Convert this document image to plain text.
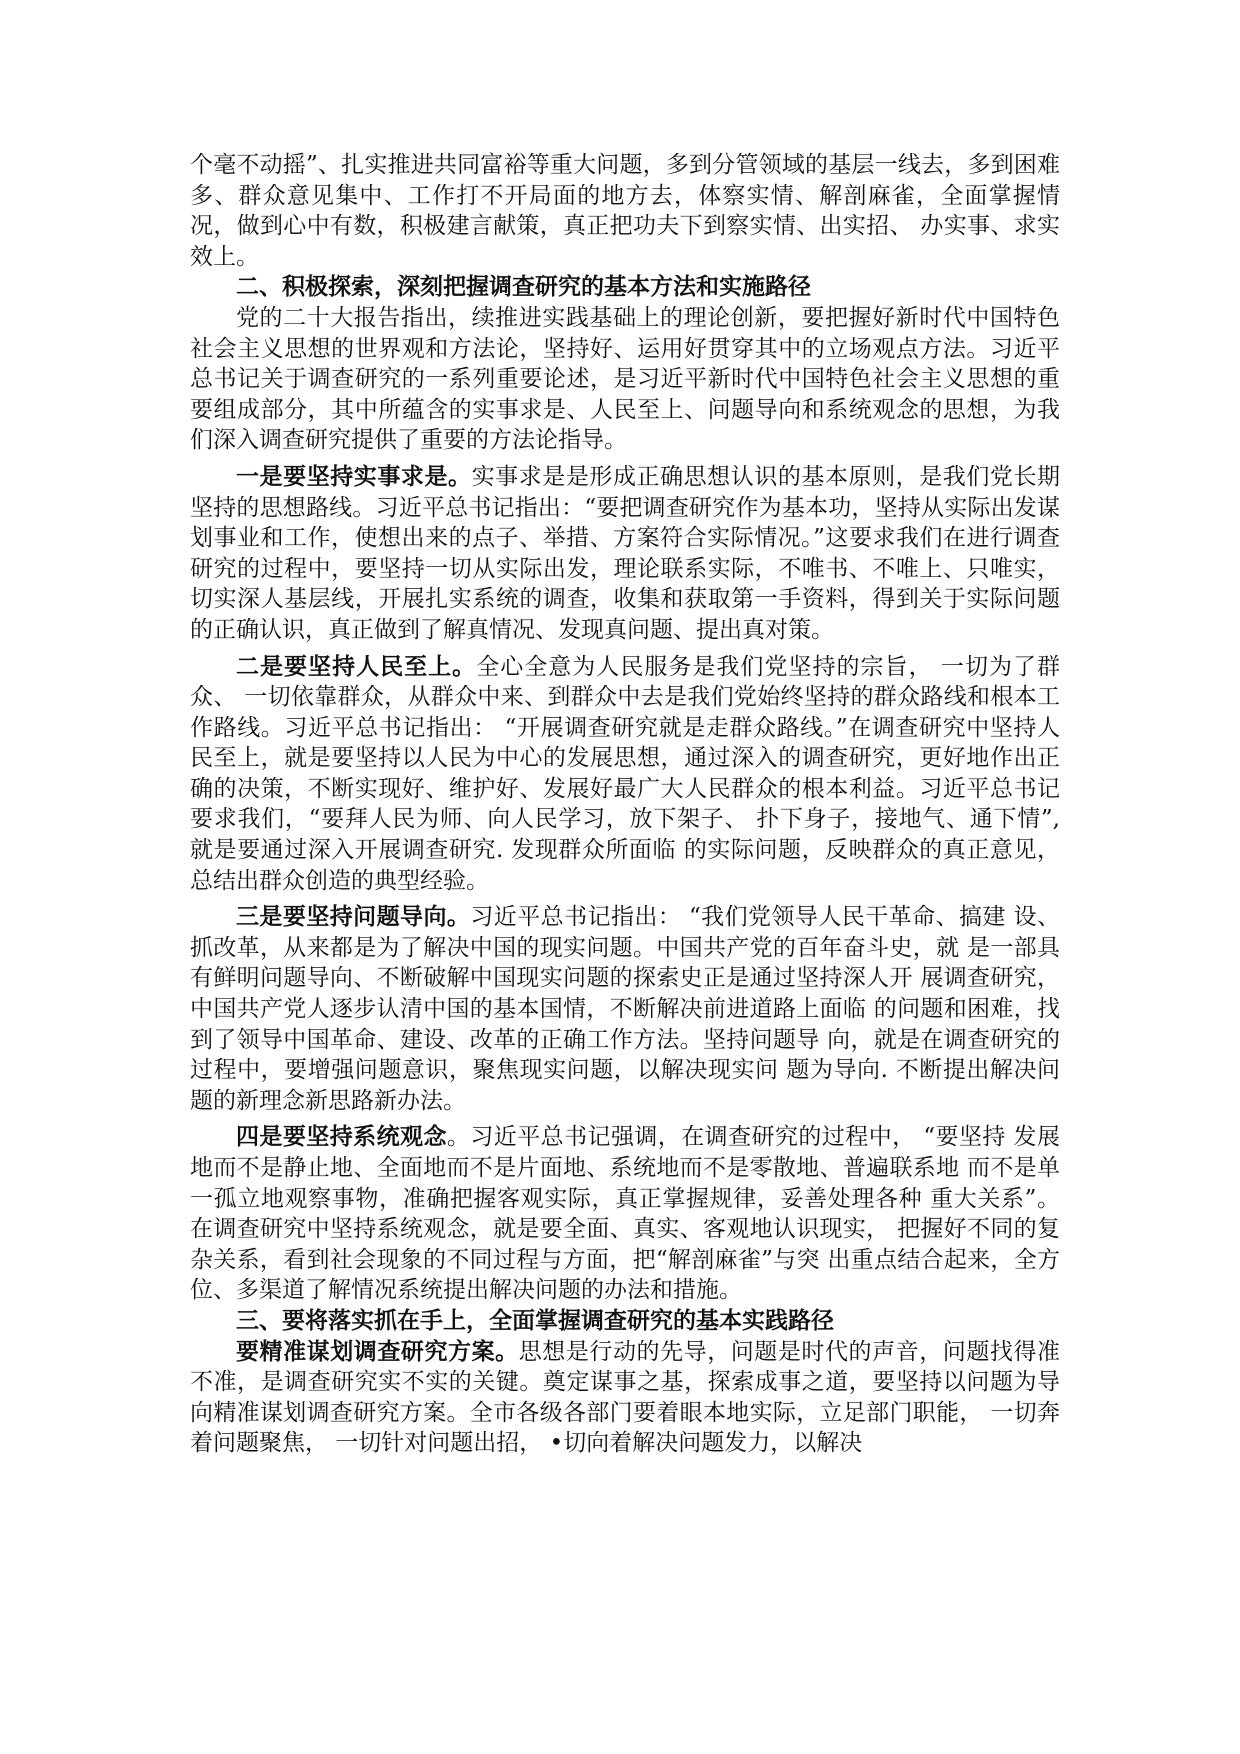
个毫不动摇”、扎实推进共同富裕等重大问题，多到分管领域的基层一线去，多到困难多、群众意见集中、工作打不开局面的地方去，体察实情、解剖麻雀，全面掌握情况，做到心中有数，积极建言献策，真正把功夫下到察实情、出实招、 办实事、求实效上。

二、积极探索，深刻把握调查研究的基本方法和实施路径

党的二十大报告指出，续推进实践基础上的理论创新，要把握好新时代中国特色社会主义思想的世界观和方法论，坚持好、运用好贯穿其中的立场观点方法。习近平总书记关于调查研究的一系列重要论述，是习近平新时代中国特色社会主义思想的重要组成部分，其中所蕴含的实事求是、人民至上、问题导向和系统观念的思想，为我们深入调查研究提供了重要的方法论指导。

一是要坚持实事求是。实事求是是形成正确思想认识的基本原则，是我们党长期坚持的思想路线。习近平总书记指出：“要把调查研究作为基本功，坚持从实际出发谋划事业和工作，使想出来的点子、举措、方案符合实际情况。”这要求我们在进行调查研究的过程中，要坚持一切从实际出发，理论联系实际，不唯书、不唯上、只唯实，切实深人基层线，开展扎实系统的调查，收集和获取第一手资料，得到关于实际问题的正确认识，真正做到了解真情况、发现真问题、提出真对策。

二是要坚持人民至上。全心全意为人民服务是我们党坚持的宗旨， 一切为了群众、 一切依靠群众，从群众中来、到群众中去是我们党始终坚持的群众路线和根本工作路线。习近平总书记指出： “开展调查研究就是走群众路线。”在调查研究中坚持人民至上，就是要坚持以人民为中心的发展思想，通过深入的调查研究，更好地作出正确的决策，不断实现好、维护好、发展好最广大人民群众的根本利益。习近平总书记要求我们，“要拜人民为师、向人民学习，放下架子、 扑下身子，接地气、通下情”, 就是要通过深入开展调查研究. 发现群众所面临 的实际问题，反映群众的真正意见，总结出群众创造的典型经验。

三是要坚持问题导向。习近平总书记指出： “我们党领导人民干革命、搞建 设、抓改革，从来都是为了解决中国的现实问题。中国共产党的百年奋斗史，就 是一部具有鲜明问题导向、不断破解中国现实问题的探索史正是通过坚持深人开 展调查研究，中国共产党人逐步认清中国的基本国情，不断解决前进道路上面临 的问题和困难，找到了领导中国革命、建设、改革的正确工作方法。坚持问题导 向，就是在调查研究的过程中，要增强问题意识，聚焦现实问题，以解决现实问 题为导向. 不断提出解决问题的新理念新思路新办法。

四是要坚持系统观念。习近平总书记强调，在调查研究的过程中， “要坚持 发展地而不是静止地、全面地而不是片面地、系统地而不是零散地、普遍联系地 而不是单一孤立地观察事物，准确把握客观实际，真正掌握规律，妥善处理各种 重大关系”。在调查研究中坚持系统观念，就是要全面、真实、客观地认识现实， 把握好不同的复杂关系，看到社会现象的不同过程与方面，把“解剖麻雀”与突 出重点结合起来，全方位、多渠道了解情况系统提出解决问题的办法和措施。

三、要将落实抓在手上，全面掌握调查研究的基本实践路径

要精准谋划调查研究方案。思想是行动的先导，问题是时代的声音，问题找得准不准，是调查研究实不实的关键。奠定谋事之基，探索成事之道，要坚持以问题为导向精准谋划调查研究方案。全市各级各部门要着眼本地实际，立足部门职能， 一切奔着问题聚焦， 一切针对问题出招， •切向着解决问题发力，以解决
